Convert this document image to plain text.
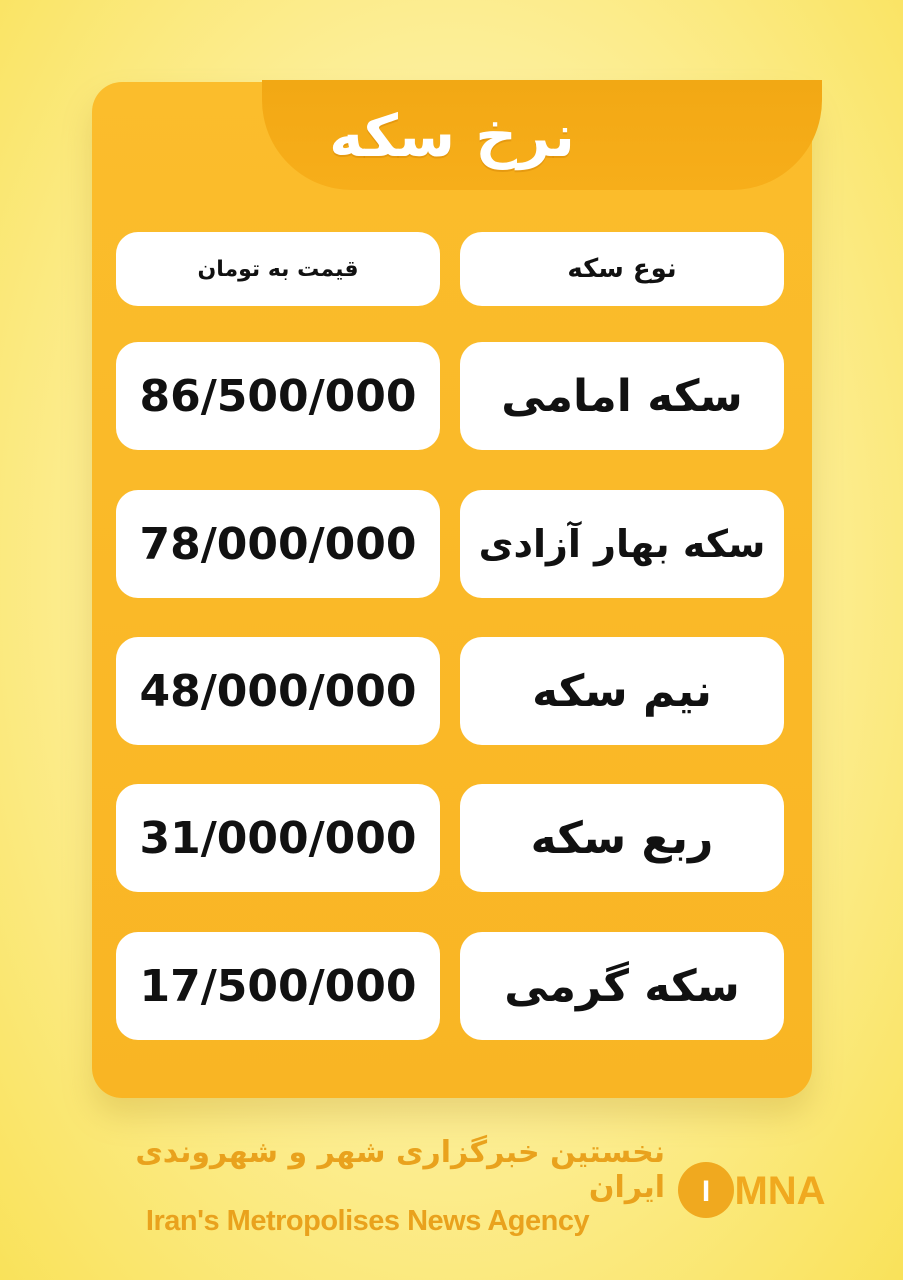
نرخ سکه
قیمت به تومان	نوع سکه
86/500/000	سکه امامی
78/000/000	سکه بهار آزادی
48/000/000	نیم سکه
31/000/000	ربع سکه
17/500/000	سکه گرمی
نخستین خبرگزاری شهر و شهروندی ایران
Iran's Metropolises News Agency
I MNA
